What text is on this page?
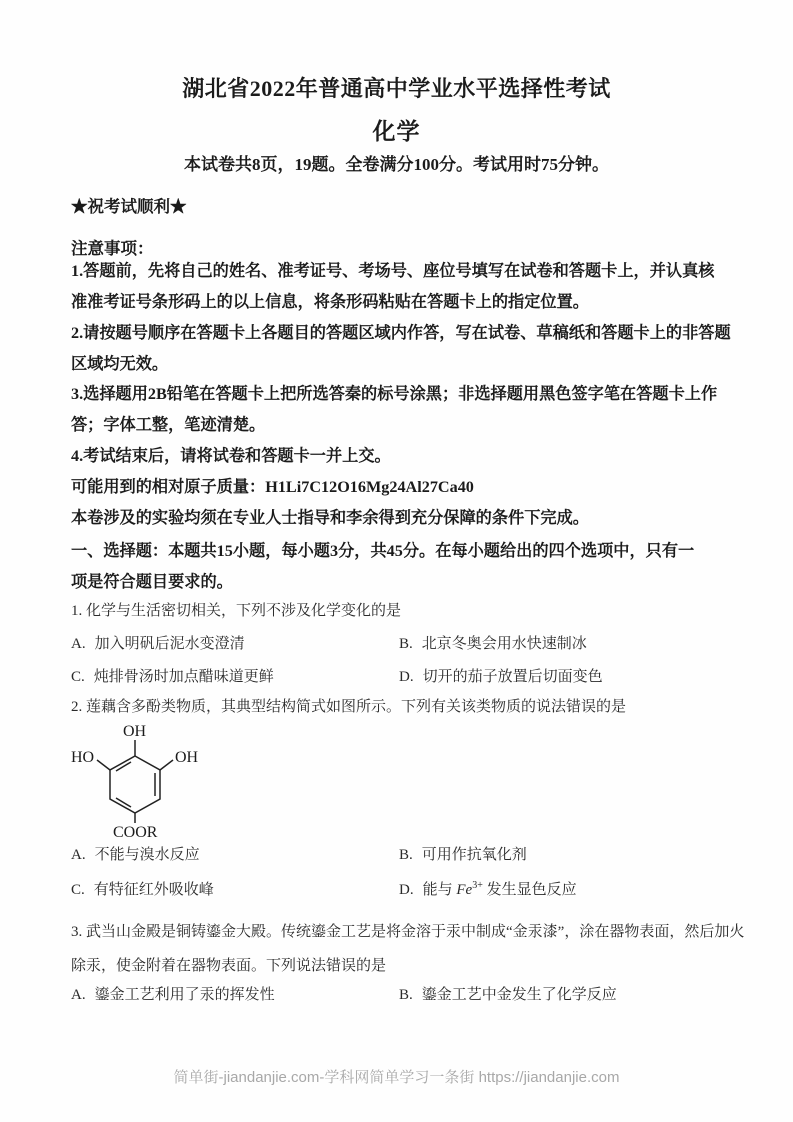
湖北省2022年普通高中学业水平选择性考试
化学
本试卷共8页，19题。全卷满分100分。考试用时75分钟。
★祝考试顺利★
注意事项：
1.答题前，先将自己的姓名、准考证号、考场号、座位号填写在试卷和答题卡上，并认真核准准考证号条形码上的以上信息，将条形码粘贴在答题卡上的指定位置。
2.请按题号顺序在答题卡上各题目的答题区域内作答，写在试卷、草稿纸和答题卡上的非答题区域均无效。
3.选择题用2B铅笔在答题卡上把所选答秦的标号涂黑；非选择题用黑色签字笔在答题卡上作答；字体工整，笔迹清楚。
4.考试结束后，请将试卷和答题卡一并上交。
可能用到的相对原子质量：H1Li7C12O16Mg24Al27Ca40
本卷涉及的实验均须在专业人士指导和李余得到充分保障的条件下完成。
一、选择题：本题共15小题，每小题3分，共45分。在每小题给出的四个选项中，只有一项是符合题目要求的。
1. 化学与生活密切相关，下列不涉及化学变化的是
A. 加入明矾后泥水变澄清	B. 北京冬奥会用水快速制冰
C. 炖排骨汤时加点醋味道更鲜	D. 切开的茄子放置后切面变色
2. 莲藕含多酚类物质，其典型结构简式如图所示。下列有关该类物质的说法错误的是
OH
HO	OH
COOR
A. 不能与溴水反应	B. 可用作抗氧化剂
C. 有特征红外吸收峰	D. 能与 $Fe^{3+}$ 发生显色反应
3. 武当山金殿是铜铸鎏金大殿。传统鎏金工艺是将金溶于汞中制成“金汞漆”，涂在器物表面，然后加火除汞，使金附着在器物表面。下列说法错误的是
A. 鎏金工艺利用了汞的挥发性	B. 鎏金工艺中金发生了化学反应
简单街-jiandanjie.com-学科网简单学习一条街 https://jiandanjie.com
